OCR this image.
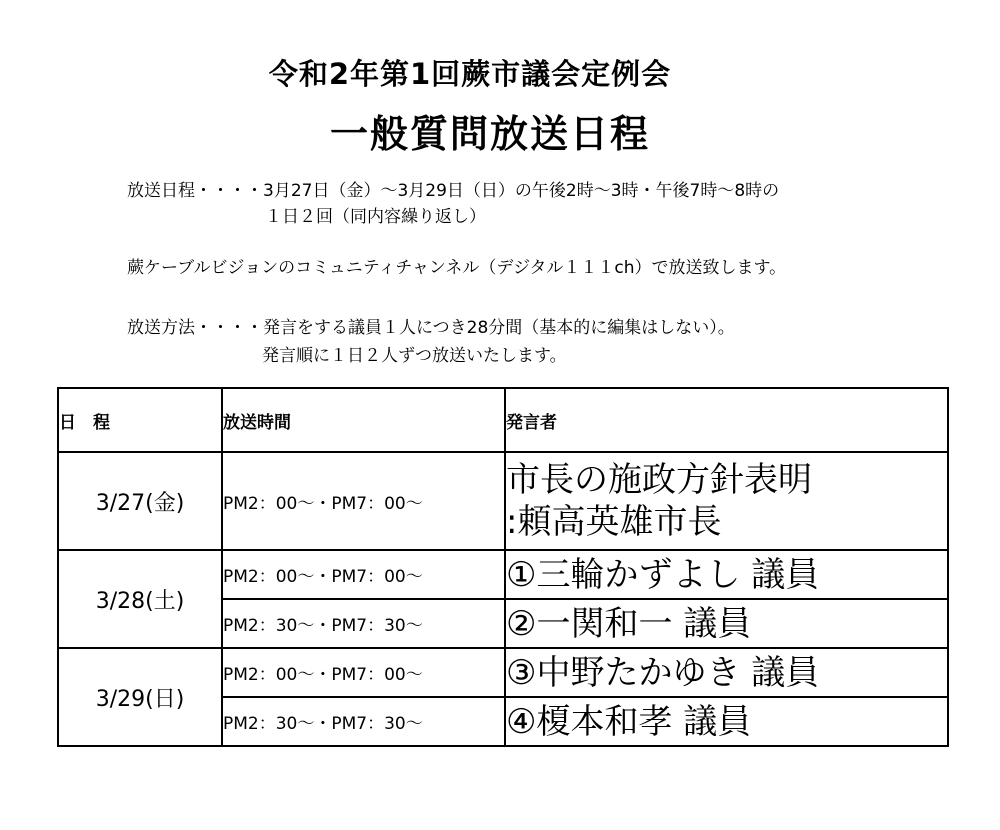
令和2年第1回蕨市議会定例会
一般質問放送日程
放送日程・・・・3月27日（金）～3月29日（日）の午後2時～3時・午後7時～8時の
１日２回（同内容繰り返し）
蕨ケーブルビジョンのコミュニティチャンネル（デジタル１１１ch）で放送致します。
放送方法・・・・発言をする議員１人につき28分間（基本的に編集はしない）。
発言順に１日２人ずつ放送いたします。
日　程	放送時間	発言者
3/27(金)	PM2：00～・PM7：00～	市長の施政方針表明
:頼高英雄市長

3/28(土)	PM2：00～・PM7：00～	①三輪かずよし 議員
	PM2：30～・PM7：30～	②一関和一 議員
3/29(日)	PM2：00～・PM7：00～	③中野たかゆき 議員
	PM2：30～・PM7：30～	④榎本和孝 議員
